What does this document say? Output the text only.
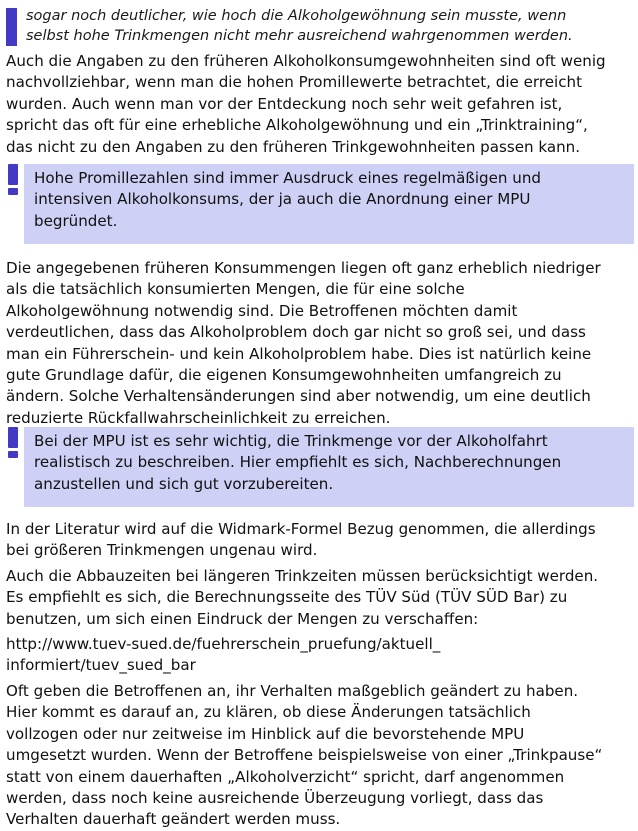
sogar noch deutlicher, wie hoch die Alkoholgewöhnung sein musste, wenn
selbst hohe Trinkmengen nicht mehr ausreichend wahrgenommen werden.

Auch die Angaben zu den früheren Alkoholkonsumgewohnheiten sind oft wenig
nachvollziehbar, wenn man die hohen Promillewerte betrachtet, die erreicht
wurden. Auch wenn man vor der Entdeckung noch sehr weit gefahren ist,
spricht das oft für eine erhebliche Alkoholgewöhnung und ein „Trinktraining“,
das nicht zu den Angaben zu den früheren Trinkgewohnheiten passen kann.

Hohe Promillezahlen sind immer Ausdruck eines regelmäßigen und
intensiven Alkoholkonsums, der ja auch die Anordnung einer MPU
begründet.

Die angegebenen früheren Konsummengen liegen oft ganz erheblich niedriger
als die tatsächlich konsumierten Mengen, die für eine solche
Alkoholgewöhnung notwendig sind. Die Betroffenen möchten damit
verdeutlichen, dass das Alkoholproblem doch gar nicht so groß sei, und dass
man ein Führerschein- und kein Alkoholproblem habe. Dies ist natürlich keine
gute Grundlage dafür, die eigenen Konsumgewohnheiten umfangreich zu
ändern. Solche Verhaltensänderungen sind aber notwendig, um eine deutlich
reduzierte Rückfallwahrscheinlichkeit zu erreichen.

Bei der MPU ist es sehr wichtig, die Trinkmenge vor der Alkoholfahrt
realistisch zu beschreiben. Hier empfiehlt es sich, Nachberechnungen
anzustellen und sich gut vorzubereiten.

In der Literatur wird auf die Widmark-Formel Bezug genommen, die allerdings
bei größeren Trinkmengen ungenau wird.

Auch die Abbauzeiten bei längeren Trinkzeiten müssen berücksichtigt werden.
Es empfiehlt es sich, die Berechnungsseite des TÜV Süd (TÜV SÜD Bar) zu
benutzen, um sich einen Eindruck der Mengen zu verschaffen:

http://www.tuev-sued.de/fuehrerschein_pruefung/aktuell_
informiert/tuev_sued_bar

Oft geben die Betroffenen an, ihr Verhalten maßgeblich geändert zu haben.
Hier kommt es darauf an, zu klären, ob diese Änderungen tatsächlich
vollzogen oder nur zeitweise im Hinblick auf die bevorstehende MPU
umgesetzt wurden. Wenn der Betroffene beispielsweise von einer „Trinkpause“
statt von einem dauerhaften „Alkoholverzicht“ spricht, darf angenommen
werden, dass noch keine ausreichende Überzeugung vorliegt, dass das
Verhalten dauerhaft geändert werden muss.
